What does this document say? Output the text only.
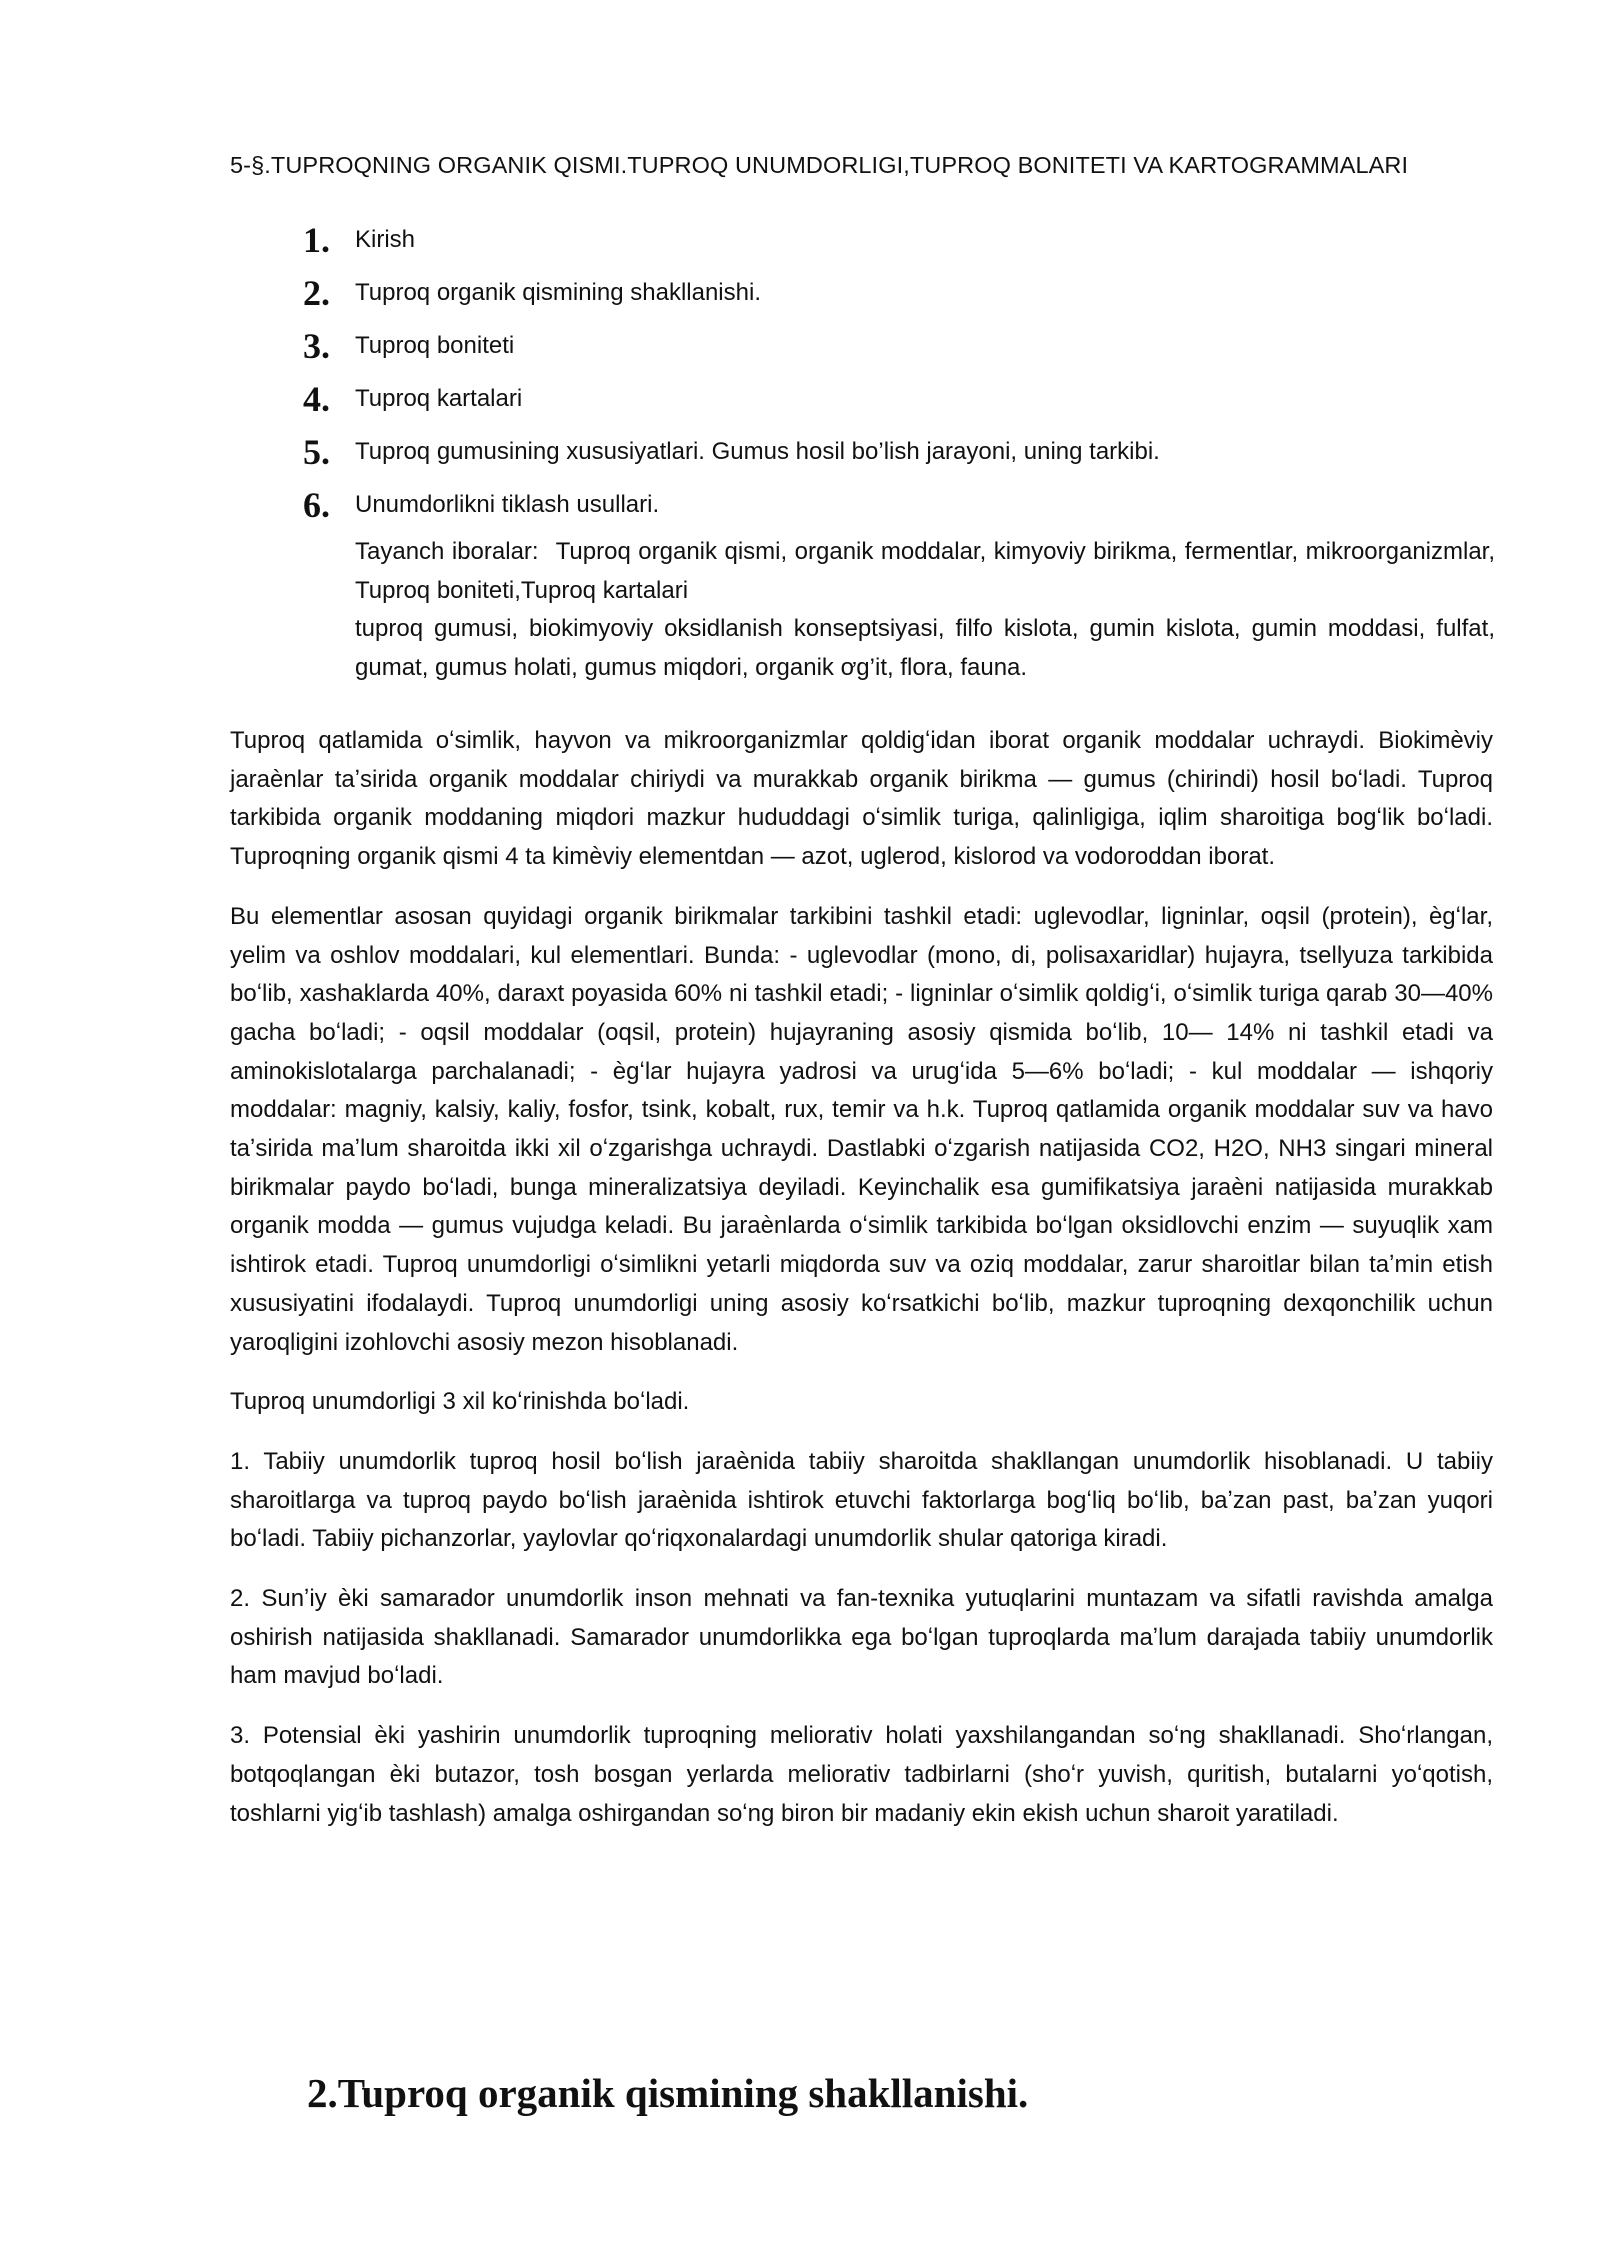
5-§.TUPROQNING ORGANIK QISMI.TUPROQ UNUMDORLIGI,TUPROQ BONITETI VA KARTOGRAMMALARI
1. Kirish
2. Tuproq organik qismining shakllanishi.
3. Tuproq boniteti
4. Tuproq kartalari
5. Tuproq gumusining xususiyatlari. Gumus hosil bo’lish jarayoni, uning tarkibi.
6. Unumdorlikni tiklash usullari.

Tayanch iboralar: Tuproq organik qismi, organik moddalar, kimyoviy birikma, fermentlar, mikroorganizmlar, Tuproq boniteti,Tuproq kartalari

tuproq gumusi, biokimyoviy oksidlanish konseptsiyasi, filfo kislota, gumin kislota, gumin moddasi, fulfat, gumat, gumus holati, gumus miqdori, organik ơg’it, flora, fauna.

Tuproq qatlamida oʻsimlik, hayvon va mikroorganizmlar qoldigʻidan iborat organik moddalar uchraydi. Biokimèviy jaraènlar taʼsirida organik moddalar chiriydi va murakkab organik birikma — gumus (chirindi) hosil boʻladi. Tuproq tarkibida organik moddaning miqdori mazkur hududdagi oʻsimlik turiga, qalinligiga, iqlim sharoitiga bogʻlik boʻladi. Tuproqning organik qismi 4 ta kimèviy elementdan — azot, uglerod, kislorod va vodoroddan iborat.

Bu elementlar asosan quyidagi organik birikmalar tarkibini tashkil etadi: uglevodlar, ligninlar, oqsil (protein), ègʻlar, yelim va oshlov moddalari, kul elementlari. Bunda: - uglevodlar (mono, di, polisaxaridlar) hujayra, tsellyuza tarkibida boʻlib, xashaklarda 40%, daraxt poyasida 60% ni tashkil etadi; - ligninlar oʻsimlik qoldigʻi, oʻsimlik turiga qarab 30—40% gacha boʻladi; - oqsil moddalar (oqsil, protein) hujayraning asosiy qismida boʻlib, 10— 14% ni tashkil etadi va aminokislotalarga parchalanadi; - ègʻlar hujayra yadrosi va urugʻida 5—6% boʻladi; - kul moddalar — ishqoriy moddalar: magniy, kalsiy, kaliy, fosfor, tsink, kobalt, rux, temir va h.k. Tuproq qatlamida organik moddalar suv va havo taʼsirida maʼlum sharoitda ikki xil oʻzgarishga uchraydi. Dastlabki oʻzgarish natijasida CO2, H2O, NH3 singari mineral birikmalar paydo boʻladi, bunga mineralizatsiya deyiladi. Keyinchalik esa gumifikatsiya jaraèni natijasida murakkab organik modda — gumus vujudga keladi. Bu jaraènlarda oʻsimlik tarkibida boʻlgan oksidlovchi enzim — suyuqlik xam ishtirok etadi. Tuproq unumdorligi oʻsimlikni yetarli miqdorda suv va oziq moddalar, zarur sharoitlar bilan taʼmin etish xususiyatini ifodalaydi. Tuproq unumdorligi uning asosiy koʻrsatkichi boʻlib, mazkur tuproqning dexqonchilik uchun yaroqligini izohlovchi asosiy mezon hisoblanadi.

Tuproq unumdorligi 3 xil koʻrinishda boʻladi.

1. Tabiiy unumdorlik tuproq hosil boʻlish jaraènida tabiiy sharoitda shakllangan unumdorlik hisoblanadi. U tabiiy sharoitlarga va tuproq paydo boʻlish jaraènida ishtirok etuvchi faktorlarga bogʻliq boʻlib, baʼzan past, baʼzan yuqori boʻladi. Tabiiy pichanzorlar, yaylovlar qoʻriqxonalardagi unumdorlik shular qatoriga kiradi.

2. Sunʼiy èki samarador unumdorlik inson mehnati va fan-texnika yutuqlarini muntazam va sifatli ravishda amalga oshirish natijasida shakllanadi. Samarador unumdorlikka ega boʻlgan tuproqlarda maʼlum darajada tabiiy unumdorlik ham mavjud boʻladi.

3. Potensial èki yashirin unumdorlik tuproqning meliorativ holati yaxshilangandan soʻng shakllanadi. Shoʻrlangan, botqoqlangan èki butazor, tosh bosgan yerlarda meliorativ tadbirlarni (shoʻr yuvish, quritish, butalarni yoʻqotish, toshlarni yigʻib tashlash) amalga oshirgandan soʻng biron bir madaniy ekin ekish uchun sharoit yaratiladi.

2.Tuproq organik qismining shakllanishi.
